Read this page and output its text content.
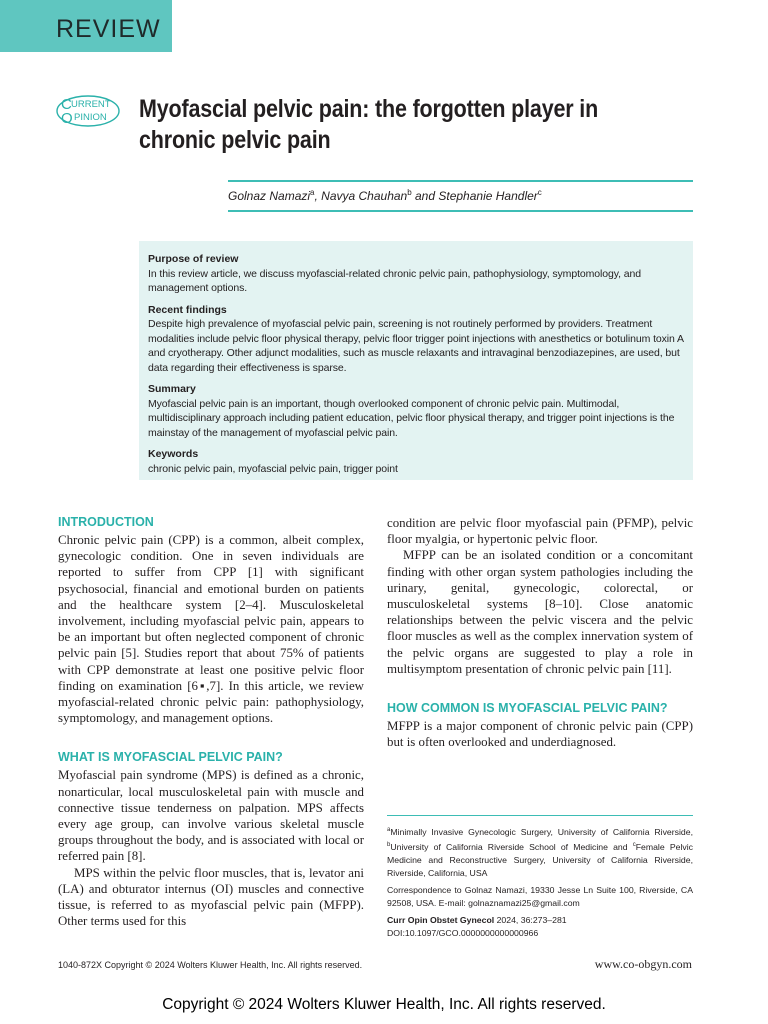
REVIEW
C URRENT
O PINION Myofascial pelvic pain: the forgotten player in chronic pelvic pain
Golnaz Namazi$^a$, Navya Chauhan$^b$ and Stephanie Handler$^c$
Purpose of review

In this review article, we discuss myofascial-related chronic pelvic pain, pathophysiology, symptomology, and management options.

Recent findings

Despite high prevalence of myofascial pelvic pain, screening is not routinely performed by providers. Treatment modalities include pelvic floor physical therapy, pelvic floor trigger point injections with anesthetics or botulinum toxin A and cryotherapy. Other adjunct modalities, such as muscle relaxants and intravaginal benzodiazepines, are used, but data regarding their effectiveness is sparse.

Summary

Myofascial pelvic pain is an important, though overlooked component of chronic pelvic pain. Multimodal, multidisciplinary approach including patient education, pelvic floor physical therapy, and trigger point injections is the mainstay of the management of myofascial pelvic pain.

Keywords

chronic pelvic pain, myofascial pelvic pain, trigger point

INTRODUCTION

Chronic pelvic pain (CPP) is a common, albeit complex, gynecologic condition. One in seven individuals are reported to suffer from CPP [1] with significant psychosocial, financial and emotional burden on patients and the healthcare system [2–4]. Musculoskeletal involvement, including myofascial pelvic pain, appears to be an important but often neglected component of chronic pelvic pain [5]. Studies report that about 75% of patients with CPP demonstrate at least one positive pelvic floor finding on examination [6▪,7]. In this article, we review myofascial-related chronic pelvic pain: pathophysiology, symptomology, and management options.

WHAT IS MYOFASCIAL PELVIC PAIN?

Myofascial pain syndrome (MPS) is defined as a chronic, nonarticular, local musculoskeletal pain with muscle and connective tissue tenderness on palpation. MPS affects every age group, can involve various skeletal muscle groups throughout the body, and is associated with local or referred pain [8].

MPS within the pelvic floor muscles, that is, levator ani (LA) and obturator internus (OI) muscles and connective tissue, is referred to as myofascial pelvic pain (MFPP). Other terms used for this

condition are pelvic floor myofascial pain (PFMP), pelvic floor myalgia, or hypertonic pelvic floor.

MFPP can be an isolated condition or a concomitant finding with other organ system pathologies including the urinary, genital, gynecologic, colorectal, or musculoskeletal systems [8–10]. Close anatomic relationships between the pelvic viscera and the pelvic floor muscles as well as the complex innervation system of the pelvic organs are suggested to play a role in multisymptom presentation of chronic pelvic pain [11].

HOW COMMON IS MYOFASCIAL PELVIC PAIN?

MFPP is a major component of chronic pelvic pain (CPP) but is often overlooked and underdiagnosed.

$^a$Minimally Invasive Gynecologic Surgery, University of California Riverside, $^b$University of California Riverside School of Medicine and $^c$Female Pelvic Medicine and Reconstructive Surgery, University of California Riverside, Riverside, California, USA

Correspondence to Golnaz Namazi, 19330 Jesse Ln Suite 100, Riverside, CA 92508, USA. E-mail: golnaznamazi25@gmail.com

Curr Opin Obstet Gynecol 2024, 36:273–281

DOI:10.1097/GCO.0000000000000966

1040-872X Copyright © 2024 Wolters Kluwer Health, Inc. All rights reserved.	www.co-obgyn.com
Copyright © 2024 Wolters Kluwer Health, Inc. All rights reserved.
